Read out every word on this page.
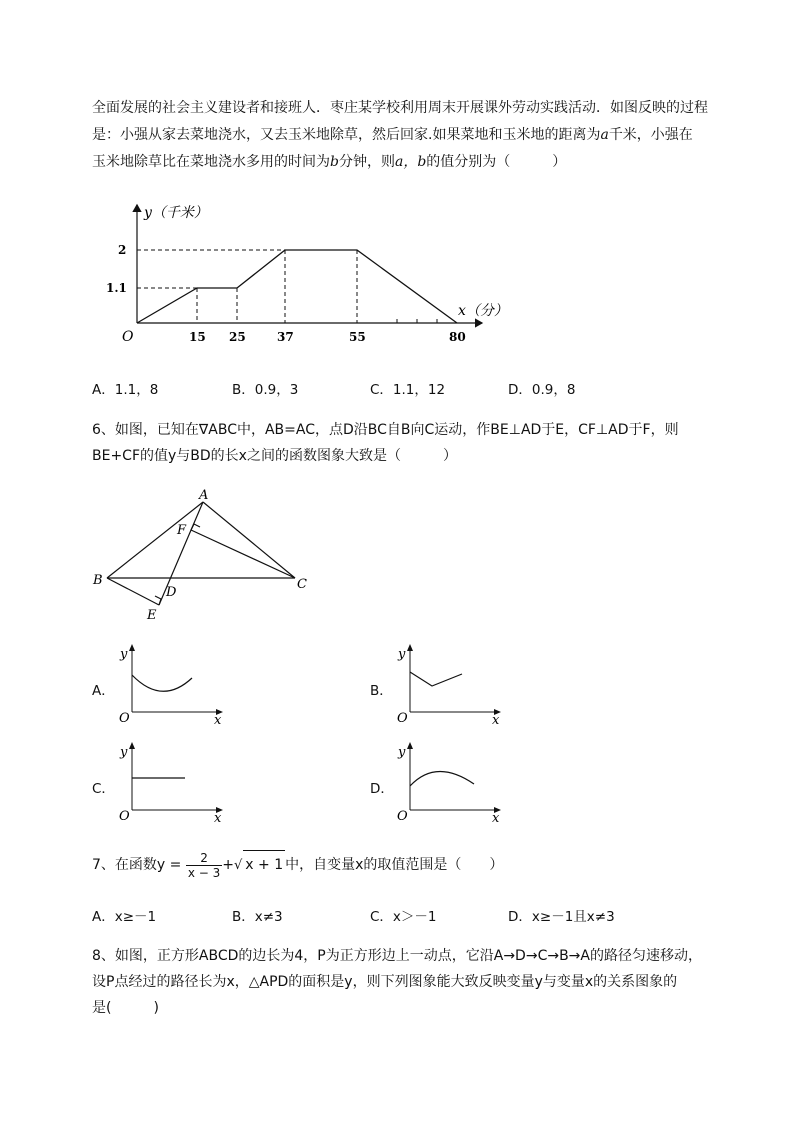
全面发展的社会主义建设者和接班人．枣庄某学校利用周末开展课外劳动实践活动．如图反映的过程
是：小强从家去菜地浇水，又去玉米地除草，然后回家.如果菜地和玉米地的距离为a千米，小强在
玉米地除草比在菜地浇水多用的时间为b分钟，则a，b的值分别为（　　　）
y（千米）
x（分）
O	15 25	37	55	80
1.1
2
A．1.1，8	B．0.9，3	C．1.1，12	D．0.9，8
6、如图，已知在∇ABC中，AB=AC，点D沿BC自B向C运动，作BE⊥AD于E，CF⊥AD于F，则
BE+CF的值y与BD的长x之间的函数图象大致是（　　　）
A
B	C
D
E
F
A．
y
x
O
B．
y
x
O
C．
y
x
O
D．
y
x
O
7、在函数$y = \frac{2}{x - 3}$ +√ x + 1 中，自变量x的取值范围是（　　）
A．x≥－1	B．x≠3	C．x＞－1	D．x≥－1且x≠3
8、如图，正方形ABCD的边长为4，P为正方形边上一动点，它沿A→D→C→B→A的路径匀速移动，
设P点经过的路径长为x，△APD的面积是y，则下列图象能大致反映变量y与变量x的关系图象的
是(　　　)
